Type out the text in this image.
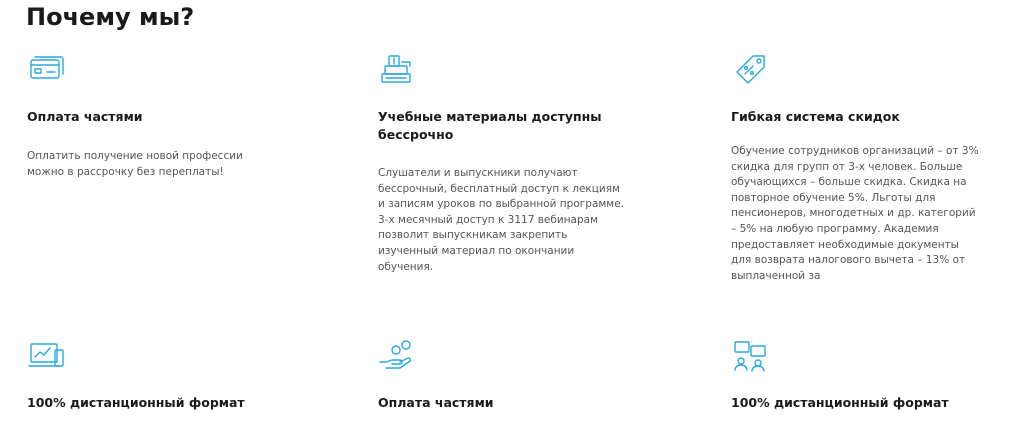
Почему мы?
Оплата частями

Оплатить получение новой профессии можно в рассрочку без переплаты!

Учебные материалы доступны бессрочно

Слушатели и выпускники получают бессрочный, бесплатный доступ к лекциям и записям уроков по выбранной программе. 3-х месячный доступ к 3117 вебинарам позволит выпускникам закрепить изученный материал по окончании обучения.

Гибкая система скидок

Обучение сотрудников организаций – от 3% скидка для групп от 3-х человек. Больше обучающихся – больше скидка. Скидка на повторное обучение 5%. Льготы для пенсионеров, многодетных и др. категорий – 5% на любую программу. Академия предоставляет необходимые документы для возврата налогового вычета – 13% от выплаченной за

100% дистанционный формат	Оплата частями	100% дистанционный формат
